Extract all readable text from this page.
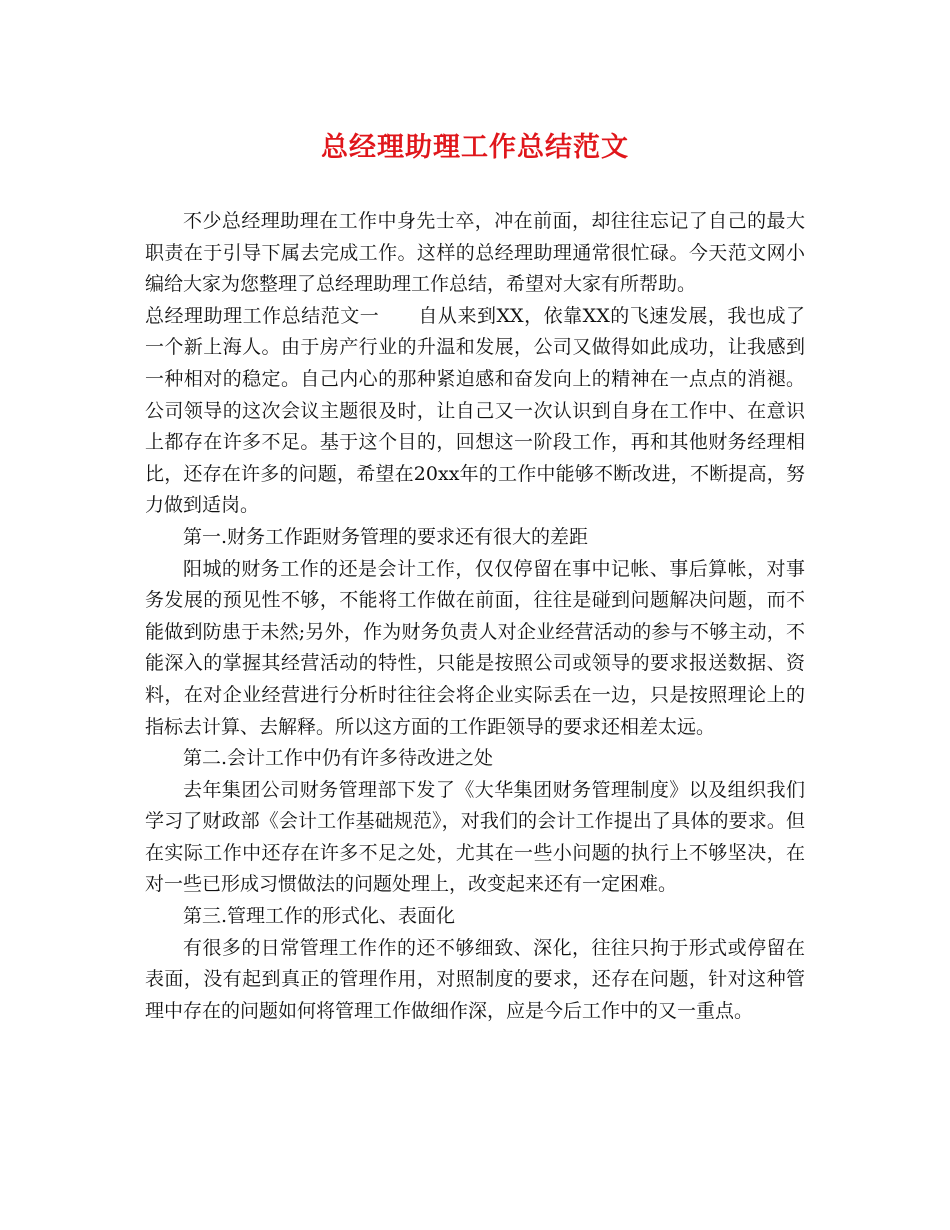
总经理助理工作总结范文

不少总经理助理在工作中身先士卒，冲在前面，却往往忘记了自己的最大职责在于引导下属去完成工作。这样的总经理助理通常很忙碌。今天范文网小编给大家为您整理了总经理助理工作总结，希望对大家有所帮助。

总经理助理工作总结范文一　　自从来到XX，依靠XX的飞速发展，我也成了一个新上海人。由于房产行业的升温和发展，公司又做得如此成功，让我感到一种相对的稳定。自己内心的那种紧迫感和奋发向上的精神在一点点的消褪。公司领导的这次会议主题很及时，让自己又一次认识到自身在工作中、在意识上都存在许多不足。基于这个目的，回想这一阶段工作，再和其他财务经理相比，还存在许多的问题，希望在20xx年的工作中能够不断改进，不断提高，努力做到适岗。

第一.财务工作距财务管理的要求还有很大的差距

阳城的财务工作的还是会计工作，仅仅停留在事中记帐、事后算帐，对事务发展的预见性不够，不能将工作做在前面，往往是碰到问题解决问题，而不能做到防患于未然;另外，作为财务负责人对企业经营活动的参与不够主动，不能深入的掌握其经营活动的特性，只能是按照公司或领导的要求报送数据、资料，在对企业经营进行分析时往往会将企业实际丢在一边，只是按照理论上的指标去计算、去解释。所以这方面的工作距领导的要求还相差太远。

第二.会计工作中仍有许多待改进之处

去年集团公司财务管理部下发了《大华集团财务管理制度》以及组织我们学习了财政部《会计工作基础规范》，对我们的会计工作提出了具体的要求。但在实际工作中还存在许多不足之处，尤其在一些小问题的执行上不够坚决，在对一些已形成习惯做法的问题处理上，改变起来还有一定困难。

第三.管理工作的形式化、表面化

有很多的日常管理工作作的还不够细致、深化，往往只拘于形式或停留在表面，没有起到真正的管理作用，对照制度的要求，还存在问题，针对这种管理中存在的问题如何将管理工作做细作深，应是今后工作中的又一重点。
